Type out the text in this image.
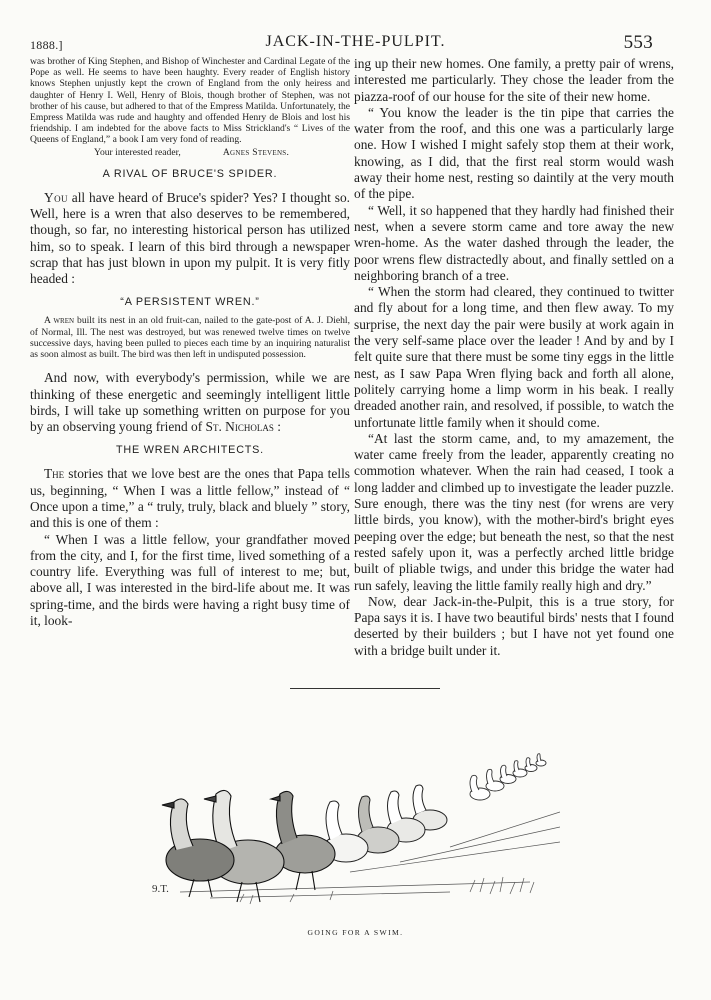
1888.]	JACK-IN-THE-PULPIT.	553

was brother of King Stephen, and Bishop of Winchester and Cardinal Legate of the Pope as well. He seems to have been haughty. Every reader of English history knows Stephen unjustly kept the crown of England from the only heiress and daughter of Henry I. Well, Henry of Blois, though brother of Stephen, was not brother of his cause, but adhered to that of the Empress Matilda. Unfortunately, the Empress Matilda was rude and haughty and offended Henry de Blois and lost his friendship. I am indebted for the above facts to Miss Strickland's “ Lives of the Queens of England,” a book I am very fond of reading.

Your interested reader,	Agnes Stevens.
A RIVAL OF BRUCE'S SPIDER.

You all have heard of Bruce's spider? Yes? I thought so. Well, here is a wren that also deserves to be remembered, though, so far, no interesting historical person has utilized him, so to speak. I learn of this bird through a newspaper scrap that has just blown in upon my pulpit. It is very fitly headed :

“A PERSISTENT WREN.”

A wren built its nest in an old fruit-can, nailed to the gate-post of A. J. Diehl, of Normal, Ill. The nest was destroyed, but was renewed twelve times on twelve successive days, having been pulled to pieces each time by an inquiring naturalist as soon almost as built. The bird was then left in undisputed possession.

And now, with everybody's permission, while we are thinking of these energetic and seemingly intelligent little birds, I will take up something written on purpose for you by an observing young friend of St. Nicholas :

THE WREN ARCHITECTS.

The stories that we love best are the ones that Papa tells us, beginning, “ When I was a little fellow,” instead of “ Once upon a time,” a “ truly, truly, black and bluely ” story, and this is one of them :

“ When I was a little fellow, your grandfather moved from the city, and I, for the first time, lived something of a country life. Everything was full of interest to me; but, above all, I was interested in the bird-life about me. It was spring-time, and the birds were having a right busy time of it, look-

ing up their new homes. One family, a pretty pair of wrens, interested me particularly. They chose the leader from the piazza-roof of our house for the site of their new home.

“ You know the leader is the tin pipe that carries the water from the roof, and this one was a particularly large one. How I wished I might safely stop them at their work, knowing, as I did, that the first real storm would wash away their home nest, resting so daintily at the very mouth of the pipe.

“ Well, it so happened that they hardly had finished their nest, when a severe storm came and tore away the new wren-home. As the water dashed through the leader, the poor wrens flew distractedly about, and finally settled on a neighboring branch of a tree.

“ When the storm had cleared, they continued to twitter and fly about for a long time, and then flew away. To my surprise, the next day the pair were busily at work again in the very self-same place over the leader ! And by and by I felt quite sure that there must be some tiny eggs in the little nest, as I saw Papa Wren flying back and forth all alone, politely carrying home a limp worm in his beak. I really dreaded another rain, and resolved, if possible, to watch the unfortunate little family when it should come.

“At last the storm came, and, to my amazement, the water came freely from the leader, apparently creating no commotion whatever. When the rain had ceased, I took a long ladder and climbed up to investigate the leader puzzle. Sure enough, there was the tiny nest (for wrens are very little birds, you know), with the mother-bird's bright eyes peeping over the edge; but beneath the nest, so that the nest rested safely upon it, was a perfectly arched little bridge built of pliable twigs, and under this bridge the water had run safely, leaving the little family really high and dry.”

Now, dear Jack-in-the-Pulpit, this is a true story, for Papa says it is. I have two beautiful birds' nests that I found deserted by their builders ; but I have not yet found one with a bridge built under it.

9.T.
GOING FOR A SWIM.
